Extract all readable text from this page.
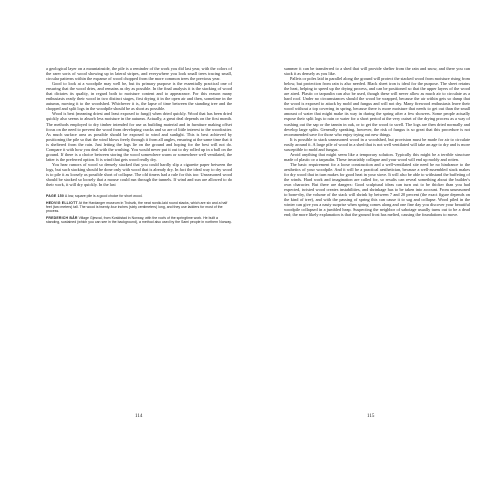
a geological layer on a mountainside, the pile is a reminder of the work you did last year, with the colors of the rarer sorts of wood showing up in lateral stripes, and everywhere you look small trees tracing small, circular patterns within the expanse of wood chopped from the more common trees the previous year.

Good to look at a woodpile may well be, but its primary purpose is the essentially practical one of ensuring that the wood dries, and remains as dry as possible. In the final analysis it is the stacking of wood that dictates its quality, in regard both to moisture content and to appearance. For this reason many enthusiasts ready their wood in two distinct stages, first drying it in the open air and then, sometime in the autumn, moving it to the woodshed. Whichever it is, the lapse of time between the standing tree and the chopped and split logs in the woodpile should be as short as possible.

Wood is best (meaning driest and least exposed to fungi) when dried quickly. Wood that has been dried quickly also seems to absorb less moisture in the autumn. Actually, a great deal depends on the first month. The methods employed to dry timber intended for use as building material and in furniture making offset focus on the need to prevent the wood from developing cracks and so are of little interest to the woodcutter. As much surface area as possible should be exposed to wind and sunlight. This is best achieved by positioning the pile so that the wind blows freely through it from all angles, ensuring at the same time that it is sheltered from the rain. Just letting the logs lie on the ground and hoping for the best will not do. Compare it with how you deal with the washing. You would never put it out to dry rolled up in a ball on the ground. If there is a choice between storing the wood somewhere warm or somewhere well ventilated, the latter is the preferred option. It is wind that gets wood really dry.

You hear rumors of wood so densely stacked that you could hardly slip a cigarette paper between the logs, but such stacking should be done only with wood that is already dry. In fact the ideal way to dry wood is to pile it as loosely as possible short of collapse. The old timers had a rule for this too: Unseasoned wood should be stacked so loosely that a mouse could run through the tunnels. If wind and sun are allowed to do their work, it will dry quickly. In the last

PAGE 150 A low, square pile is a good choice for short wood.

HEDVIG ELLIOTT At the Hardanger museum in Trolsvik, the neat nordic-laid round stacks, which are six and a half feet (two meters) tall. The wood is twenty-four inches (sixty centimeters) long, and they use ladders for most of the process.

FREDERICH BÅR Village Gjesval, from Kvaldstad in Norway, with the roofs of the springtime work. He built a standing, sustained (which you can see in the background), a method also used by the Sami people in northern Norway.

summer it can be transferred to a shed that will provide shelter from the rain and snow, and there you can stack it as densely as you like.

Pallets or poles laid in parallel along the ground will protect the stacked wood from moisture rising from below, but protection from rain is also needed. Black sheet iron is ideal for the purpose. The sheet retains the heat, helping to speed up the drying process, and can be positioned so that the upper layers of the wood are aired. Plastic or tarpaulin can also be used, though these will never allow as much air to circulate as a hard roof. Under no circumstances should the wood be wrapped, because the air within gets so damp that the wood is exposed to attack by mold and fungus and will not dry. Many firewood enthusiasts leave their wood without a top covering in spring, because there is more moisture that needs to get out than the small amount of water that might make its way in during the spring after a few showers. Some people actually expose their split logs to rain or water for a short period at the very outset of the drying process as a way of washing out the sap or the tannin in oak, or to get the wood to swell. The logs are then dried normally and develop large splits. Generally speaking, however, the risk of fungus is so great that this procedure is not recommended save for those who enjoy trying out new things.

It is possible to stack unseasoned wood in a woodshed, but provision must be made for air to circulate easily around it. A large pile of wood in a shed that is not well ventilated will take an age to dry and is more susceptible to mold and fungus.

Avoid anything that might seem like a temporary solution. Typically this might be a terrible structure made of plastic or a tarpaulin. These invariably collapse and your wood will end up moldy and rotten.

The basic requirement for a loose construction and a well-ventilated site need be no hindrance to the aesthetics of your woodpile. And it will be a practical aesthetician, because a well-assembled stack makes for dry wood that in turn makes for good heat in your stove. It will also be able to withstand the buffeting of the winds. Hard work and imagination are called for, so results can reveal something about the builder's own character. But there are dangers: Good sculptural ideas can turn out to be thicker than you had expected, twisted wood creates instabilities, and shrinkage has to be taken into account. From unseasoned to bone-dry, the volume of the stack will shrink by between 7 and 20 percent (the exact figure depends on the kind of tree), and with the passing of spring this can cause it to sag and collapse. Wood piled in the winter can give you a nasty surprise when spring comes along and one fine day you discover your beautiful woodpile collapsed in a jumbled heap. Suspecting the neighbor of sabotage usually turns out to be a dead end; the more likely explanation is that the ground frost has melted, causing the foundations to move.

114	115
